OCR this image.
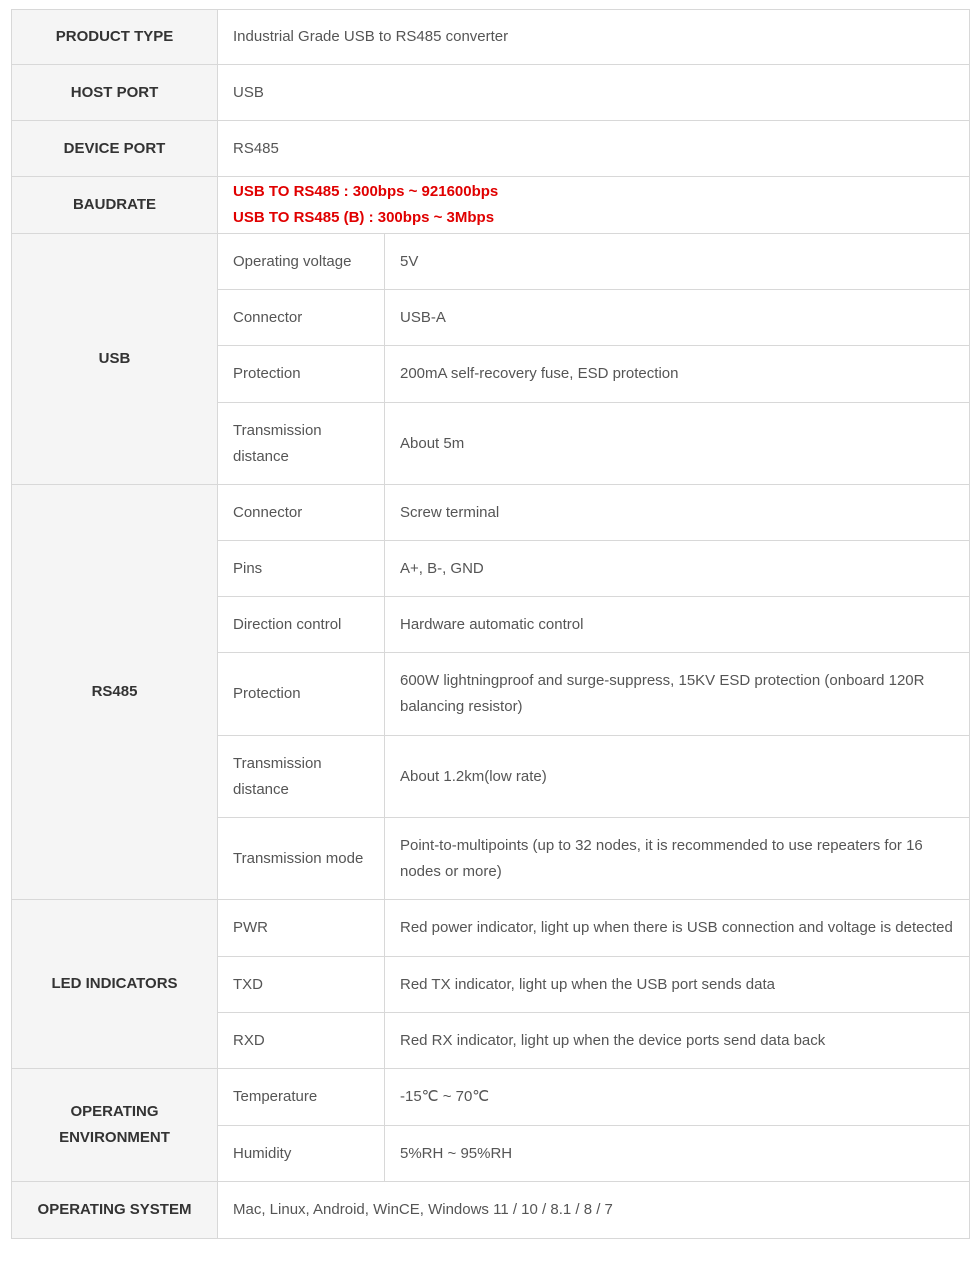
PRODUCT TYPE	Industrial Grade USB to RS485 converter	
HOST PORT	USB	
DEVICE PORT	RS485	
BAUDRATE	USB TO RS485 : 300bps ~ 921600bps
USB TO RS485 (B) : 300bps ~ 3Mbps	

USB	Operating voltage	5V
	Connector	USB-A
	Protection	200mA self-recovery fuse, ESD protection
	Transmission distance	About 5m
RS485	Connector	Screw terminal
	Pins	A+, B-, GND
	Direction control	Hardware automatic control
	Protection	600W lightningproof and surge-suppress, 15KV ESD protection (onboard 120R balancing resistor)
	Transmission distance	About 1.2km(low rate)
	Transmission mode	Point-to-multipoints (up to 32 nodes, it is recommended to use repeaters for 16 nodes or more)
LED INDICATORS	PWR	Red power indicator, light up when there is USB connection and voltage is detected
	TXD	Red TX indicator, light up when the USB port sends data
	RXD	Red RX indicator, light up when the device ports send data back
OPERATING ENVIRONMENT	Temperature	-15℃ ~ 70℃
	Humidity	5%RH ~ 95%RH
OPERATING SYSTEM	Mac, Linux, Android, WinCE, Windows 11 / 10 / 8.1 / 8 / 7	
